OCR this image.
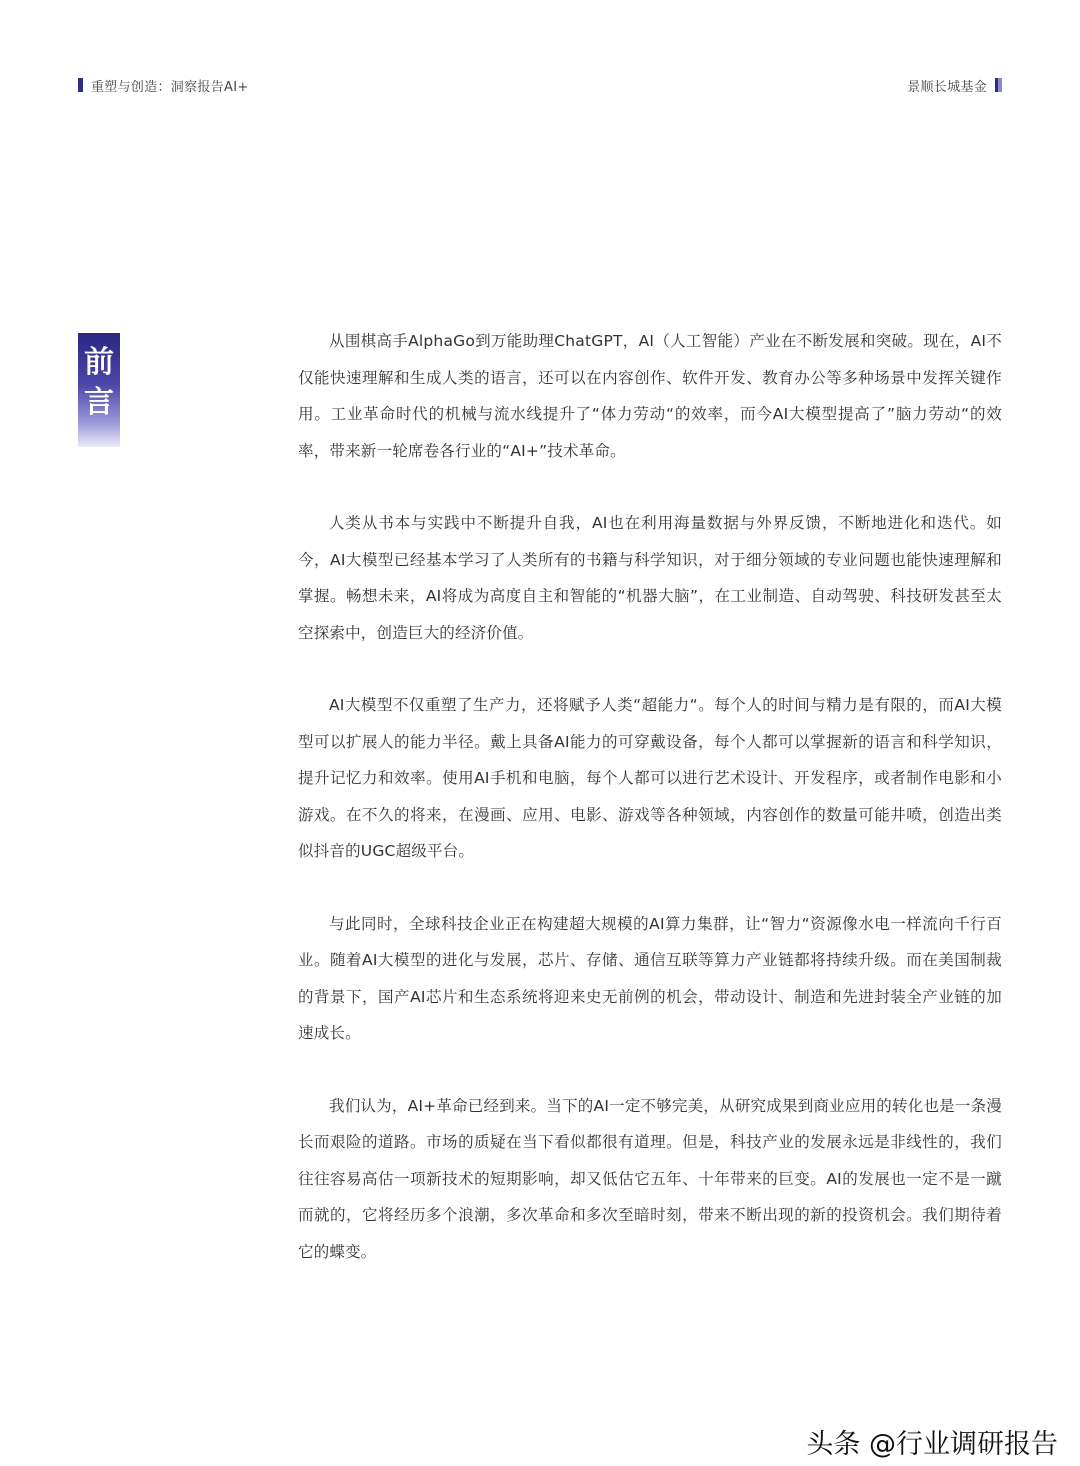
重塑与创造：洞察报告AI+	景顺长城基金
前
言

从围棋高手AlphaGo到万能助理ChatGPT，AI（人工智能）产业在不断发展和突破。现在，AI不仅能快速理解和生成人类的语言，还可以在内容创作、软件开发、教育办公等多种场景中发挥关键作用。工业革命时代的机械与流水线提升了“体力劳动“的效率，而今AI大模型提高了”脑力劳动“的效率，带来新一轮席卷各行业的“AI+”技术革命。

人类从书本与实践中不断提升自我，AI也在利用海量数据与外界反馈，不断地进化和迭代。如今，AI大模型已经基本学习了人类所有的书籍与科学知识，对于细分领域的专业问题也能快速理解和掌握。畅想未来，AI将成为高度自主和智能的“机器大脑”，在工业制造、自动驾驶、科技研发甚至太空探索中，创造巨大的经济价值。

AI大模型不仅重塑了生产力，还将赋予人类“超能力“。每个人的时间与精力是有限的，而AI大模型可以扩展人的能力半径。戴上具备AI能力的可穿戴设备，每个人都可以掌握新的语言和科学知识，提升记忆力和效率。使用AI手机和电脑，每个人都可以进行艺术设计、开发程序，或者制作电影和小游戏。在不久的将来，在漫画、应用、电影、游戏等各种领域，内容创作的数量可能井喷，创造出类似抖音的UGC超级平台。

与此同时，全球科技企业正在构建超大规模的AI算力集群，让“智力“资源像水电一样流向千行百业。随着AI大模型的进化与发展，芯片、存储、通信互联等算力产业链都将持续升级。而在美国制裁的背景下，国产AI芯片和生态系统将迎来史无前例的机会，带动设计、制造和先进封装全产业链的加速成长。

我们认为，AI+革命已经到来。当下的AI一定不够完美，从研究成果到商业应用的转化也是一条漫长而艰险的道路。市场的质疑在当下看似都很有道理。但是，科技产业的发展永远是非线性的，我们往往容易高估一项新技术的短期影响，却又低估它五年、十年带来的巨变。AI的发展也一定不是一蹴而就的，它将经历多个浪潮，多次革命和多次至暗时刻，带来不断出现的新的投资机会。我们期待着它的蝶变。

头条 @行业调研报告
